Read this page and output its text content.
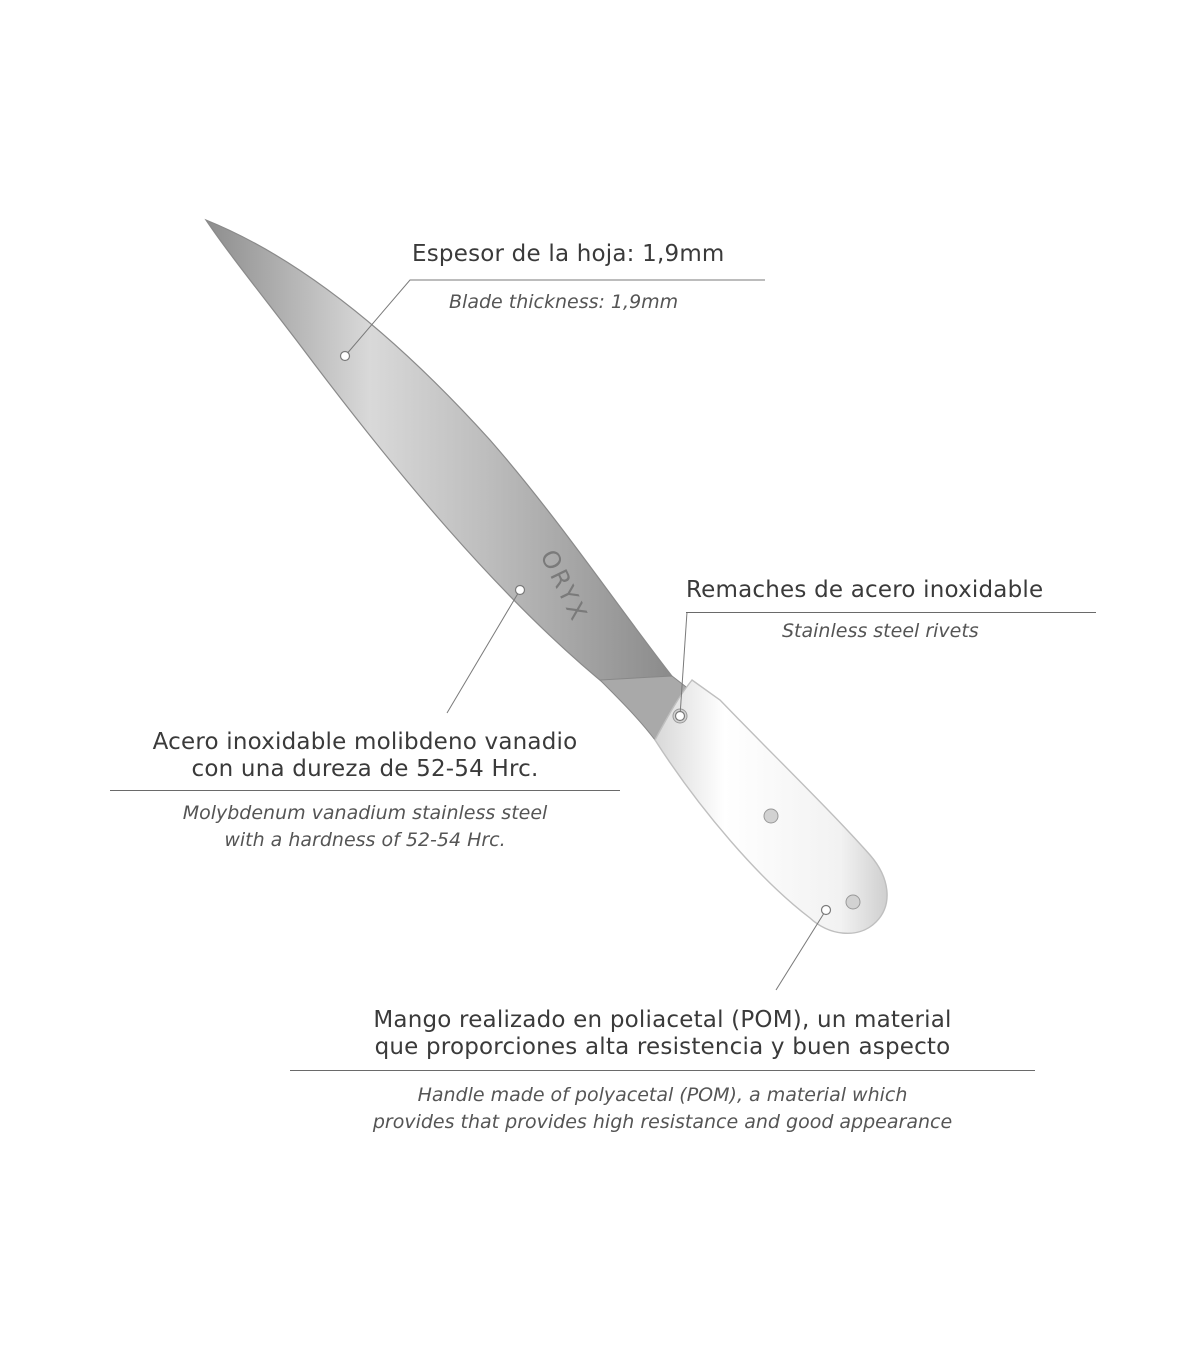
ORYX
Espesor de la hoja: 1,9mm
Blade thickness: 1,9mm
Remaches de acero inoxidable
Stainless steel rivets
Acero inoxidable molibdeno vanadio
con una dureza de 52-54 Hrc.
Molybdenum vanadium stainless steel
with a hardness of 52-54 Hrc.
Mango realizado en poliacetal (POM), un material
que proporciones alta resistencia y buen aspecto
Handle made of polyacetal (POM), a material which
provides that provides high resistance and good appearance
